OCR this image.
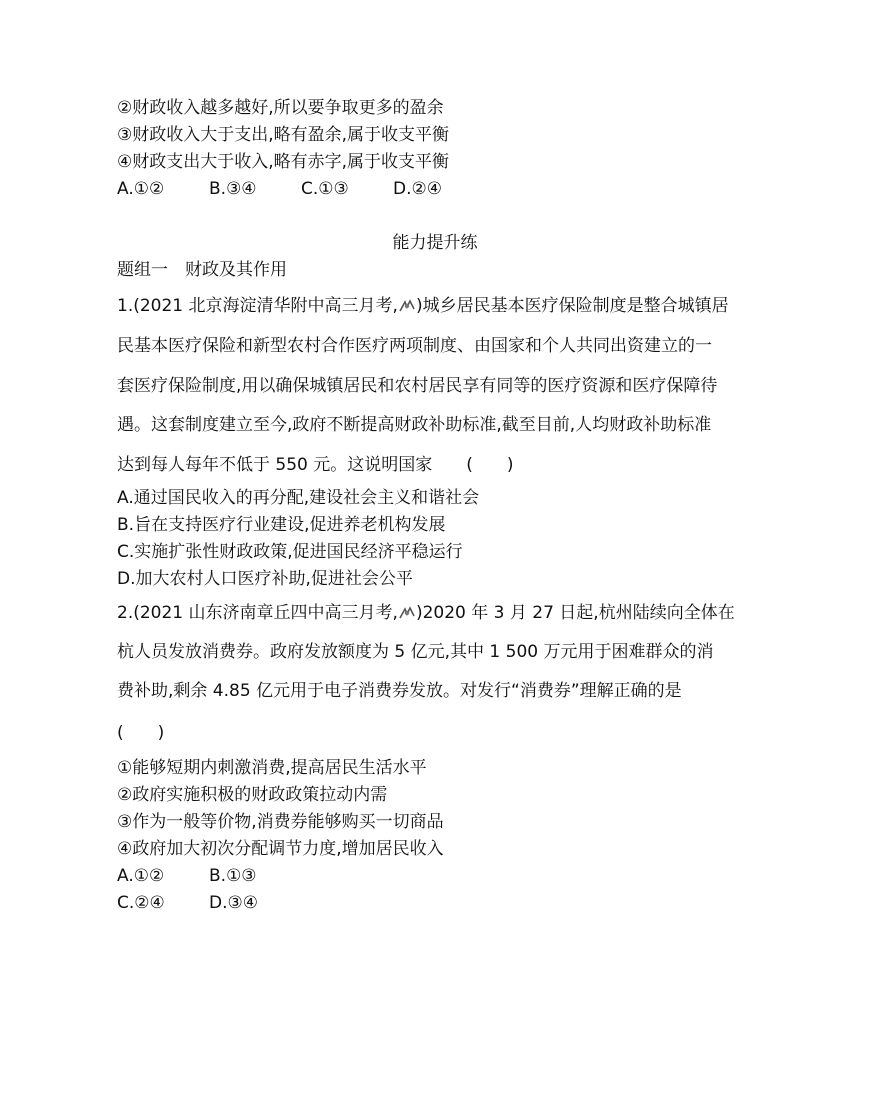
②财政收入越多越好,所以要争取更多的盈余
③财政收入大于支出,略有盈余,属于收支平衡
④财政支出大于收入,略有赤字,属于收支平衡
A.①②	B.③④	C.①③	D.②④
能力提升练
题组一　财政及其作用
1.(2021 北京海淀清华附中高三月考, )城乡居民基本医疗保险制度是整合城镇居
民基本医疗保险和新型农村合作医疗两项制度、由国家和个人共同出资建立的一
套医疗保险制度,用以确保城镇居民和农村居民享有同等的医疗资源和医疗保障待
遇。这套制度建立至今,政府不断提高财政补助标准,截至目前,人均财政补助标准
达到每人每年不低于 550 元。这说明国家　　(　　)
A.通过国民收入的再分配,建设社会主义和谐社会
B.旨在支持医疗行业建设,促进养老机构发展
C.实施扩张性财政政策,促进国民经济平稳运行
D.加大农村人口医疗补助,促进社会公平
2.(2021 山东济南章丘四中高三月考, )2020 年 3 月 27 日起,杭州陆续向全体在
杭人员发放消费券。政府发放额度为 5 亿元,其中 1 500 万元用于困难群众的消
费补助,剩余 4.85 亿元用于电子消费券发放。对发行“消费券”理解正确的是
(　　)
①能够短期内刺激消费,提高居民生活水平
②政府实施积极的财政政策拉动内需
③作为一般等价物,消费券能够购买一切商品
④政府加大初次分配调节力度,增加居民收入
A.①②	B.①③
C.②④	D.③④
